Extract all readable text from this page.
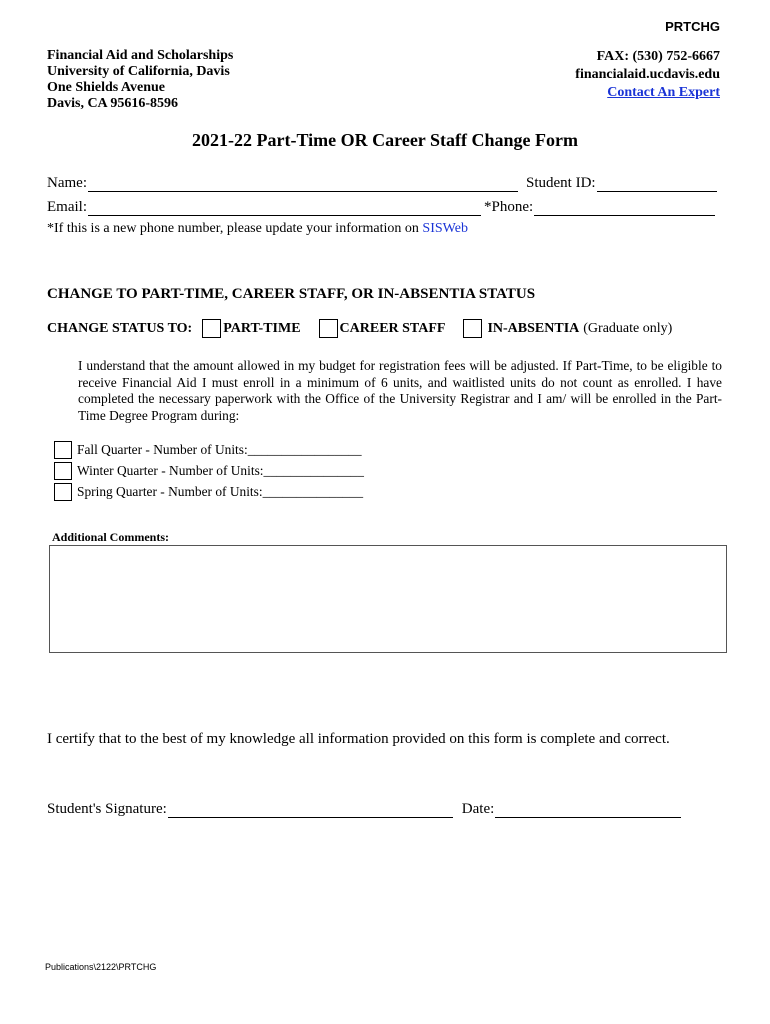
PRTCHG
Financial Aid and Scholarships
University of California, Davis
One Shields Avenue
Davis, CA 95616-8596
FAX: (530) 752-6667
financialaid.ucdavis.edu
Contact An Expert
2021-22 Part-Time OR Career Staff Change Form
Name:	Student ID:
Email:	*Phone:
*If this is a new phone number, please update your information on SISWeb
CHANGE TO PART-TIME, CAREER STAFF, OR IN-ABSENTIA STATUS
CHANGE STATUS TO: PART-TIME	CAREER STAFF	IN-ABSENTIA (Graduate only)
I understand that the amount allowed in my budget for registration fees will be adjusted. If Part-Time, to be eligible to receive Financial Aid I must enroll in a minimum of 6 units, and waitlisted units do not count as enrolled. I have completed the necessary paperwork with the Office of the University Registrar and I am/ will be enrolled in the Part-Time Degree Program during:
Fall Quarter - Number of Units: _________________
Winter Quarter - Number of Units: _______________
Spring Quarter - Number of Units: _______________
Additional Comments:
I certify that to the best of my knowledge all information provided on this form is complete and correct.
Student's Signature:	Date:
Publications\2122\PRTCHG
